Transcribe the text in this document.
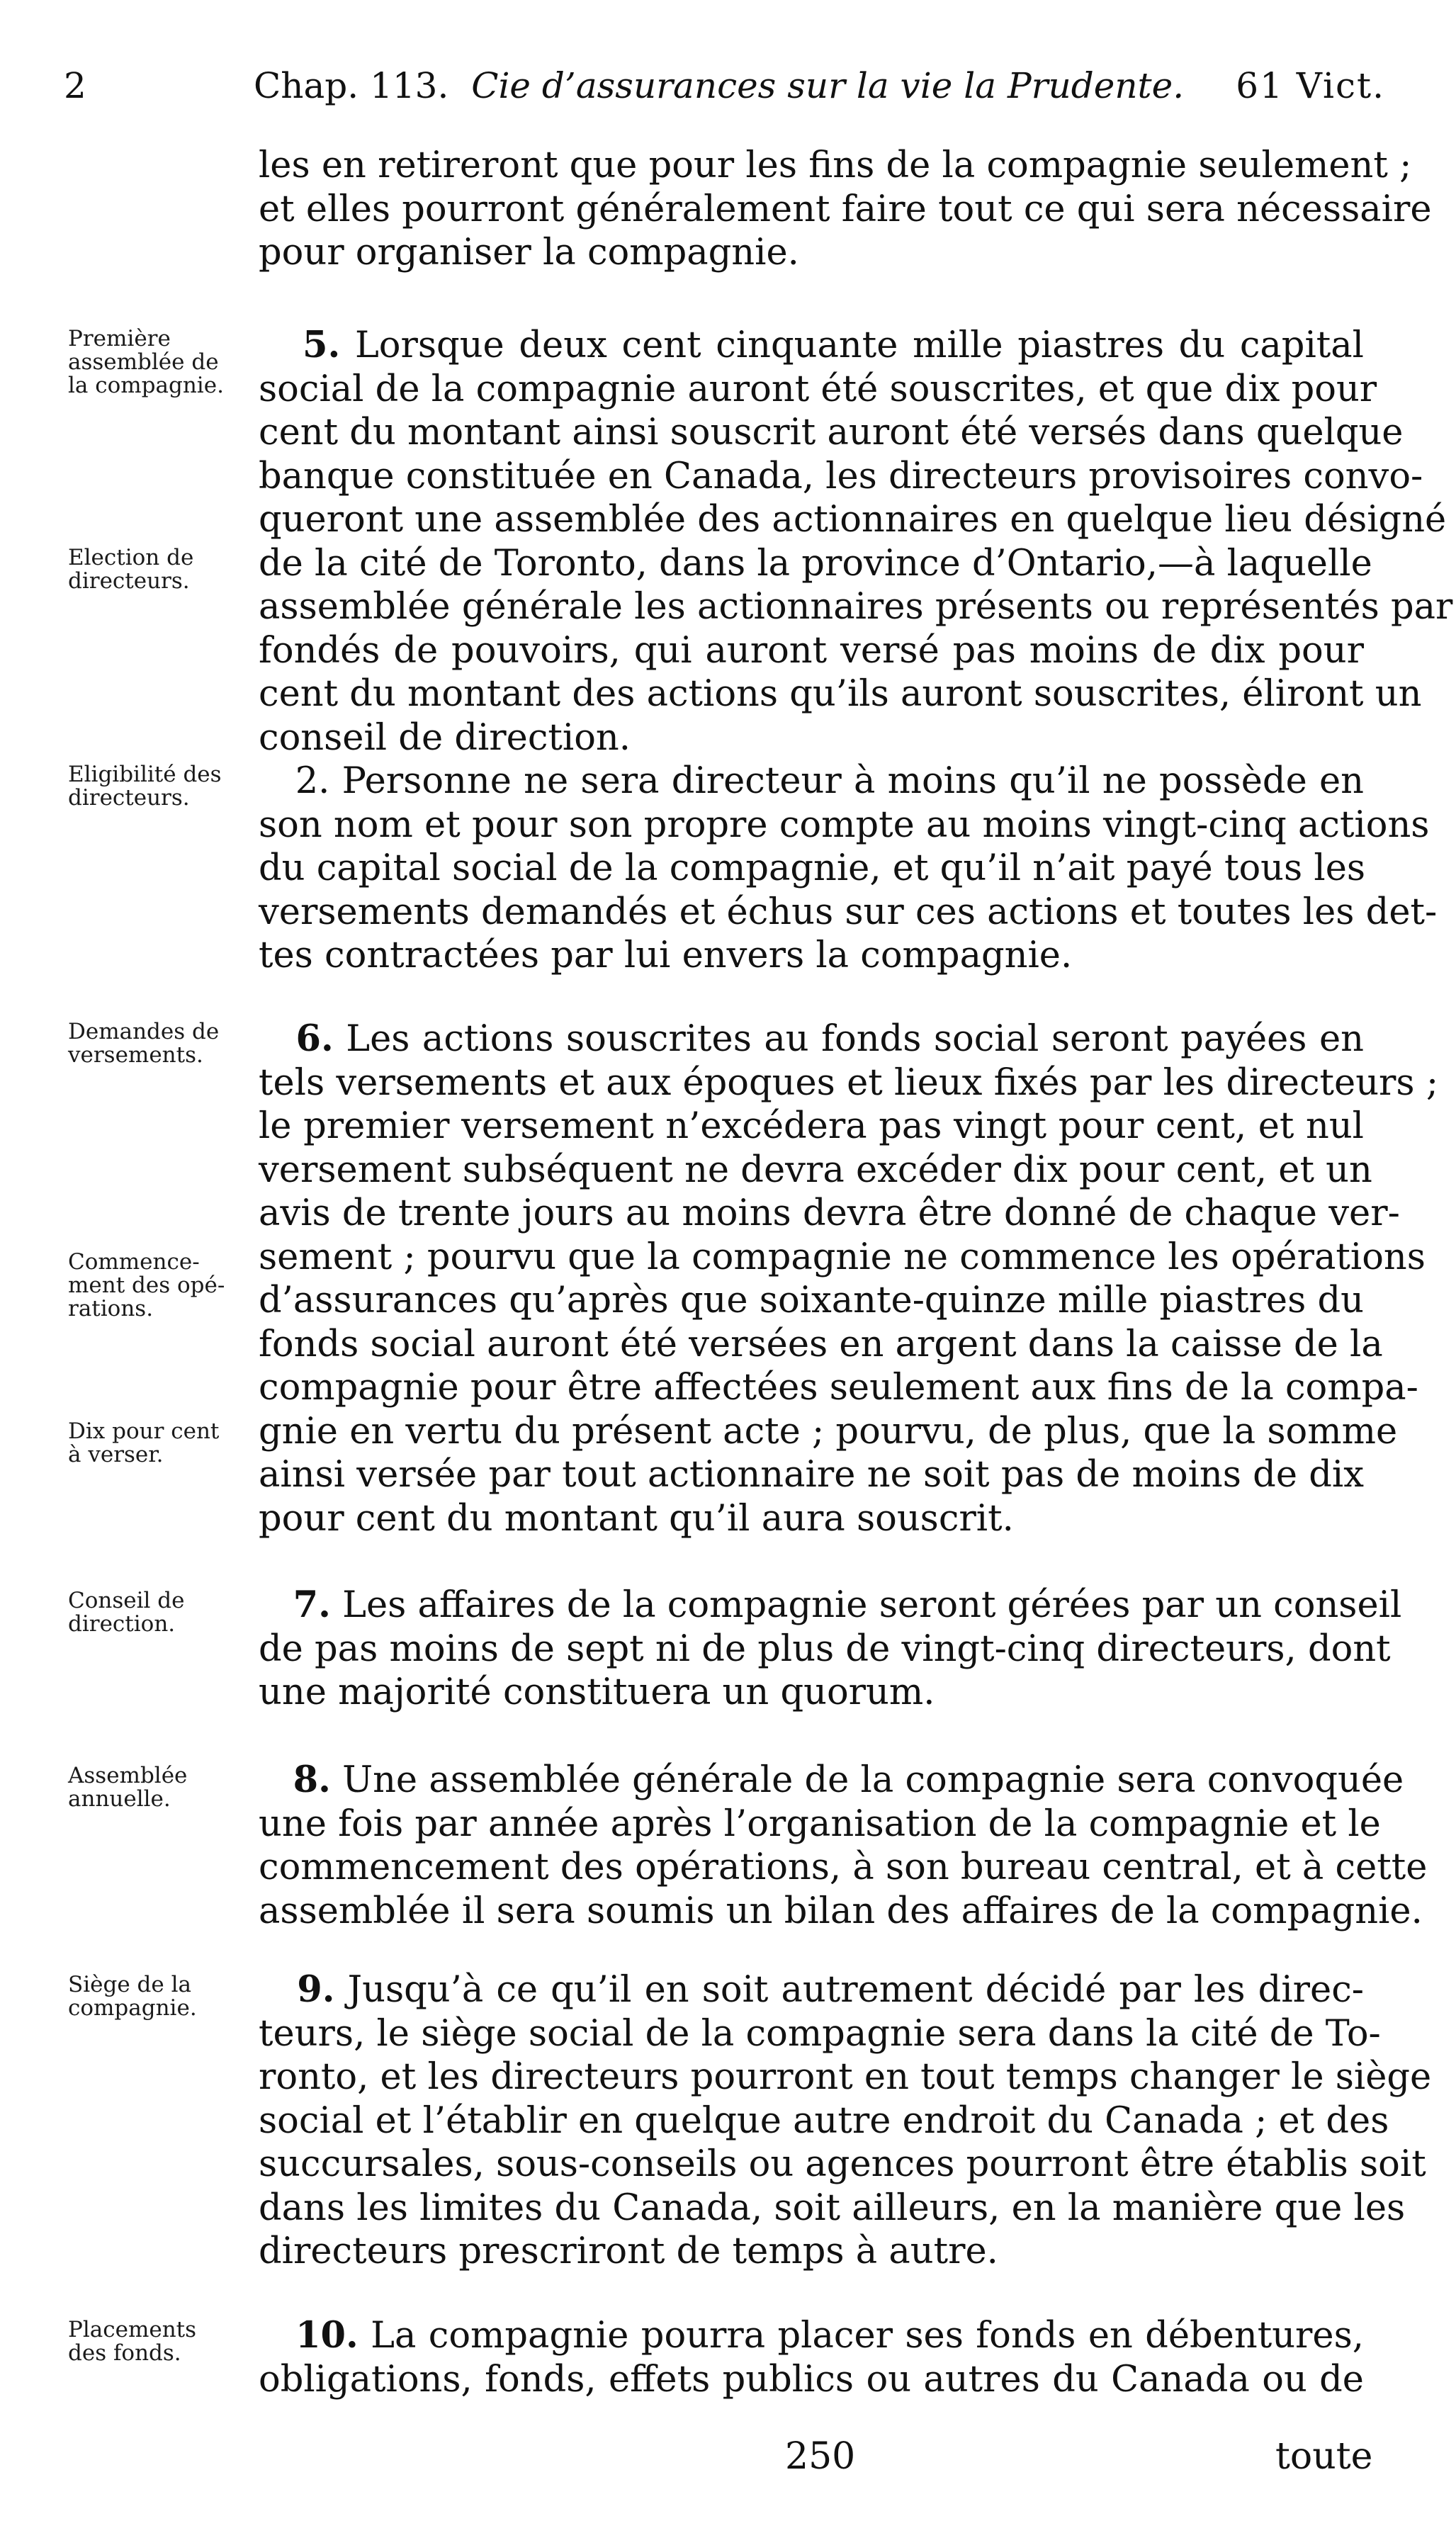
2	Chap. 113. Cie d’assurances sur la vie la Prudente. 61 Vict.
les en retireront que pour les fins de la compagnie seulement ;
et elles pourront généralement faire tout ce qui sera nécessaire
pour organiser la compagnie.
Première
assemblée de
la compagnie.
Election de
directeurs.
Eligibilité des
directeurs.
Demandes de
versements.
Commence-
ment des opé-
rations.
Dix pour cent
à verser.
Conseil de
direction.
Assemblée
annuelle.
Siège de la
compagnie.
Placements
des fonds.
5. Lorsque deux cent cinquante mille piastres du capital
social de la compagnie auront été souscrites, et que dix pour
cent du montant ainsi souscrit auront été versés dans quelque
banque constituée en Canada, les directeurs provisoires convo-
queront une assemblée des actionnaires en quelque lieu désigné
de la cité de Toronto, dans la province d’Ontario,—à laquelle
assemblée générale les actionnaires présents ou représentés par
fondés de pouvoirs, qui auront versé pas moins de dix pour
cent du montant des actions qu’ils auront souscrites, éliront un
conseil de direction.
2. Personne ne sera directeur à moins qu’il ne possède en
son nom et pour son propre compte au moins vingt-cinq actions
du capital social de la compagnie, et qu’il n’ait payé tous les
versements demandés et échus sur ces actions et toutes les det-
tes contractées par lui envers la compagnie.
6. Les actions souscrites au fonds social seront payées en
tels versements et aux époques et lieux fixés par les directeurs ;
le premier versement n’excédera pas vingt pour cent, et nul
versement subséquent ne devra excéder dix pour cent, et un
avis de trente jours au moins devra être donné de chaque ver-
sement ; pourvu que la compagnie ne commence les opérations
d’assurances qu’après que soixante-quinze mille piastres du
fonds social auront été versées en argent dans la caisse de la
compagnie pour être affectées seulement aux fins de la compa-
gnie en vertu du présent acte ; pourvu, de plus, que la somme
ainsi versée par tout actionnaire ne soit pas de moins de dix
pour cent du montant qu’il aura souscrit.
7. Les affaires de la compagnie seront gérées par un conseil
de pas moins de sept ni de plus de vingt-cinq directeurs, dont
une majorité constituera un quorum.
8. Une assemblée générale de la compagnie sera convoquée
une fois par année après l’organisation de la compagnie et le
commencement des opérations, à son bureau central, et à cette
assemblée il sera soumis un bilan des affaires de la compagnie.
9. Jusqu’à ce qu’il en soit autrement décidé par les direc-
teurs, le siège social de la compagnie sera dans la cité de To-
ronto, et les directeurs pourront en tout temps changer le siège
social et l’établir en quelque autre endroit du Canada ; et des
succursales, sous-conseils ou agences pourront être établis soit
dans les limites du Canada, soit ailleurs, en la manière que les
directeurs prescriront de temps à autre.
10. La compagnie pourra placer ses fonds en débentures,
obligations, fonds, effets publics ou autres du Canada ou de
250	toute
